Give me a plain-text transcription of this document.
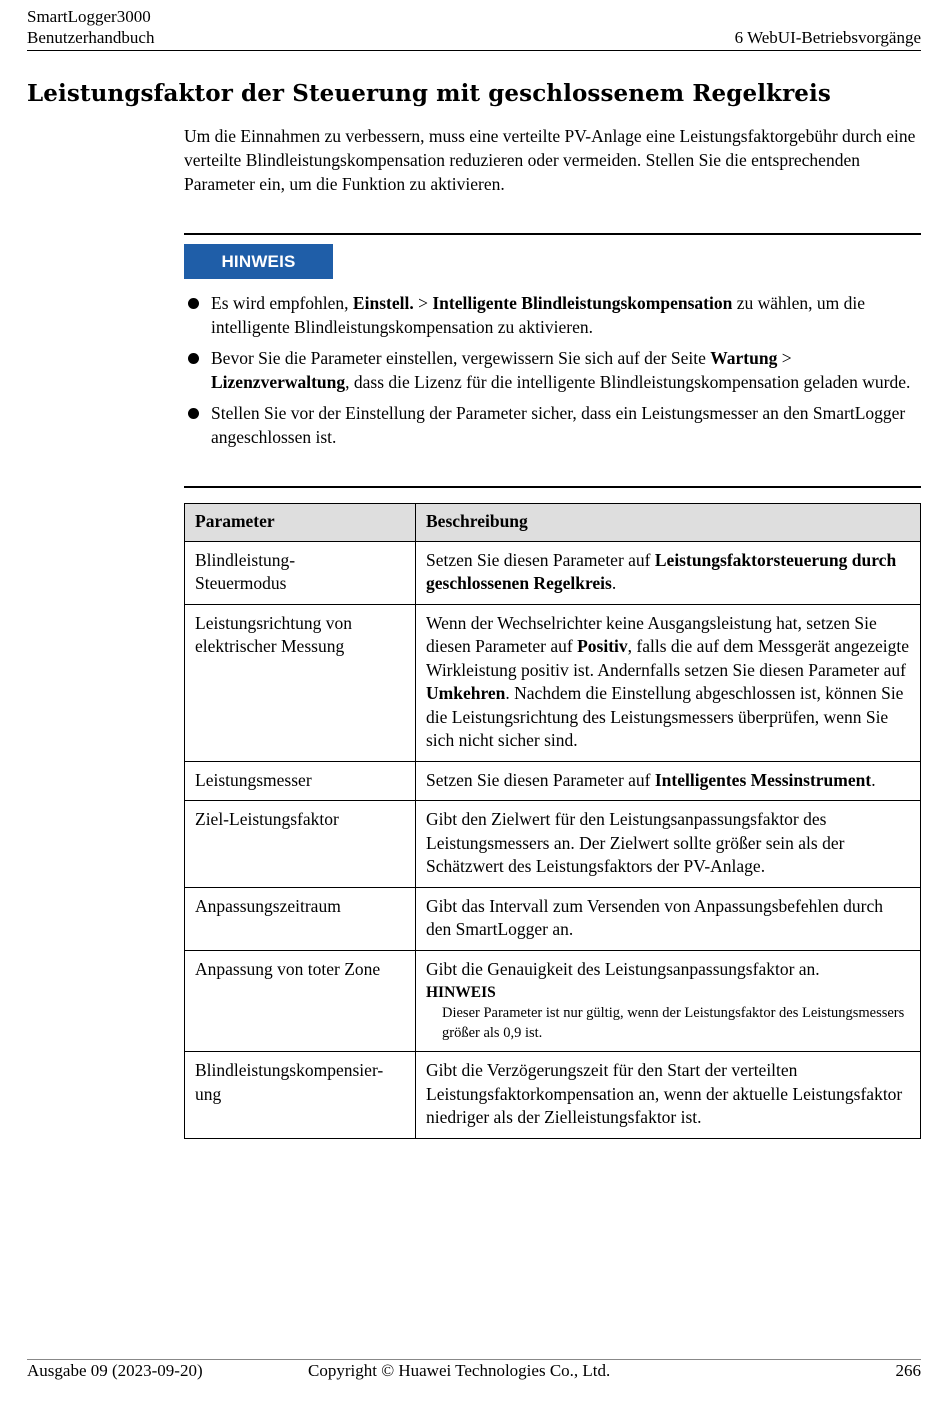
SmartLogger3000
Benutzerhandbuch	6 WebUI-Betriebsvorgänge
Leistungsfaktor der Steuerung mit geschlossenem Regelkreis

Um die Einnahmen zu verbessern, muss eine verteilte PV-Anlage eine Leistungsfaktorgebühr durch eine verteilte Blindleistungskompensation reduzieren oder vermeiden. Stellen Sie die entsprechenden Parameter ein, um die Funktion zu aktivieren.

HINWEIS
Es wird empfohlen, Einstell. > Intelligente Blindleistungskompensation zu wählen, um die intelligente Blindleistungskompensation zu aktivieren.
Bevor Sie die Parameter einstellen, vergewissern Sie sich auf der Seite Wartung > Lizenzverwaltung, dass die Lizenz für die intelligente Blindleistungskompensation geladen wurde.
Stellen Sie vor der Einstellung der Parameter sicher, dass ein Leistungsmesser an den SmartLogger angeschlossen ist.
Parameter	Beschreibung
Blindleistung-
Steuermodus	Setzen Sie diesen Parameter auf Leistungsfaktorsteuerung durch geschlossenen Regelkreis.
Leistungsrichtung von elektrischer Messung	Wenn der Wechselrichter keine Ausgangsleistung hat, setzen Sie diesen Parameter auf Positiv, falls die auf dem Messgerät angezeigte Wirkleistung positiv ist. Andernfalls setzen Sie diesen Parameter auf Umkehren. Nachdem die Einstellung abgeschlossen ist, können Sie die Leistungsrichtung des Leistungsmessers überprüfen, wenn Sie sich nicht sicher sind.
Leistungsmesser	Setzen Sie diesen Parameter auf Intelligentes Messinstrument.
Ziel-Leistungsfaktor	Gibt den Zielwert für den Leistungsanpassungsfaktor des Leistungsmessers an. Der Zielwert sollte größer sein als der Schätzwert des Leistungsfaktors der PV-Anlage.
Anpassungszeitraum	Gibt das Intervall zum Versenden von Anpassungsbefehlen durch den SmartLogger an.
Anpassung von toter Zone	Gibt die Genauigkeit des Leistungsanpassungsfaktor an.
HINWEIS
Dieser Parameter ist nur gültig, wenn der Leistungsfaktor des Leistungsmessers größer als 0,9 ist.

Blindleistungskompensier-
ung	Gibt die Verzögerungszeit für den Start der verteilten Leistungsfaktorkompensation an, wenn der aktuelle Leistungsfaktor niedriger als der Zielleistungsfaktor ist.
Ausgabe 09 (2023-09-20)	Copyright © Huawei Technologies Co., Ltd.	266
